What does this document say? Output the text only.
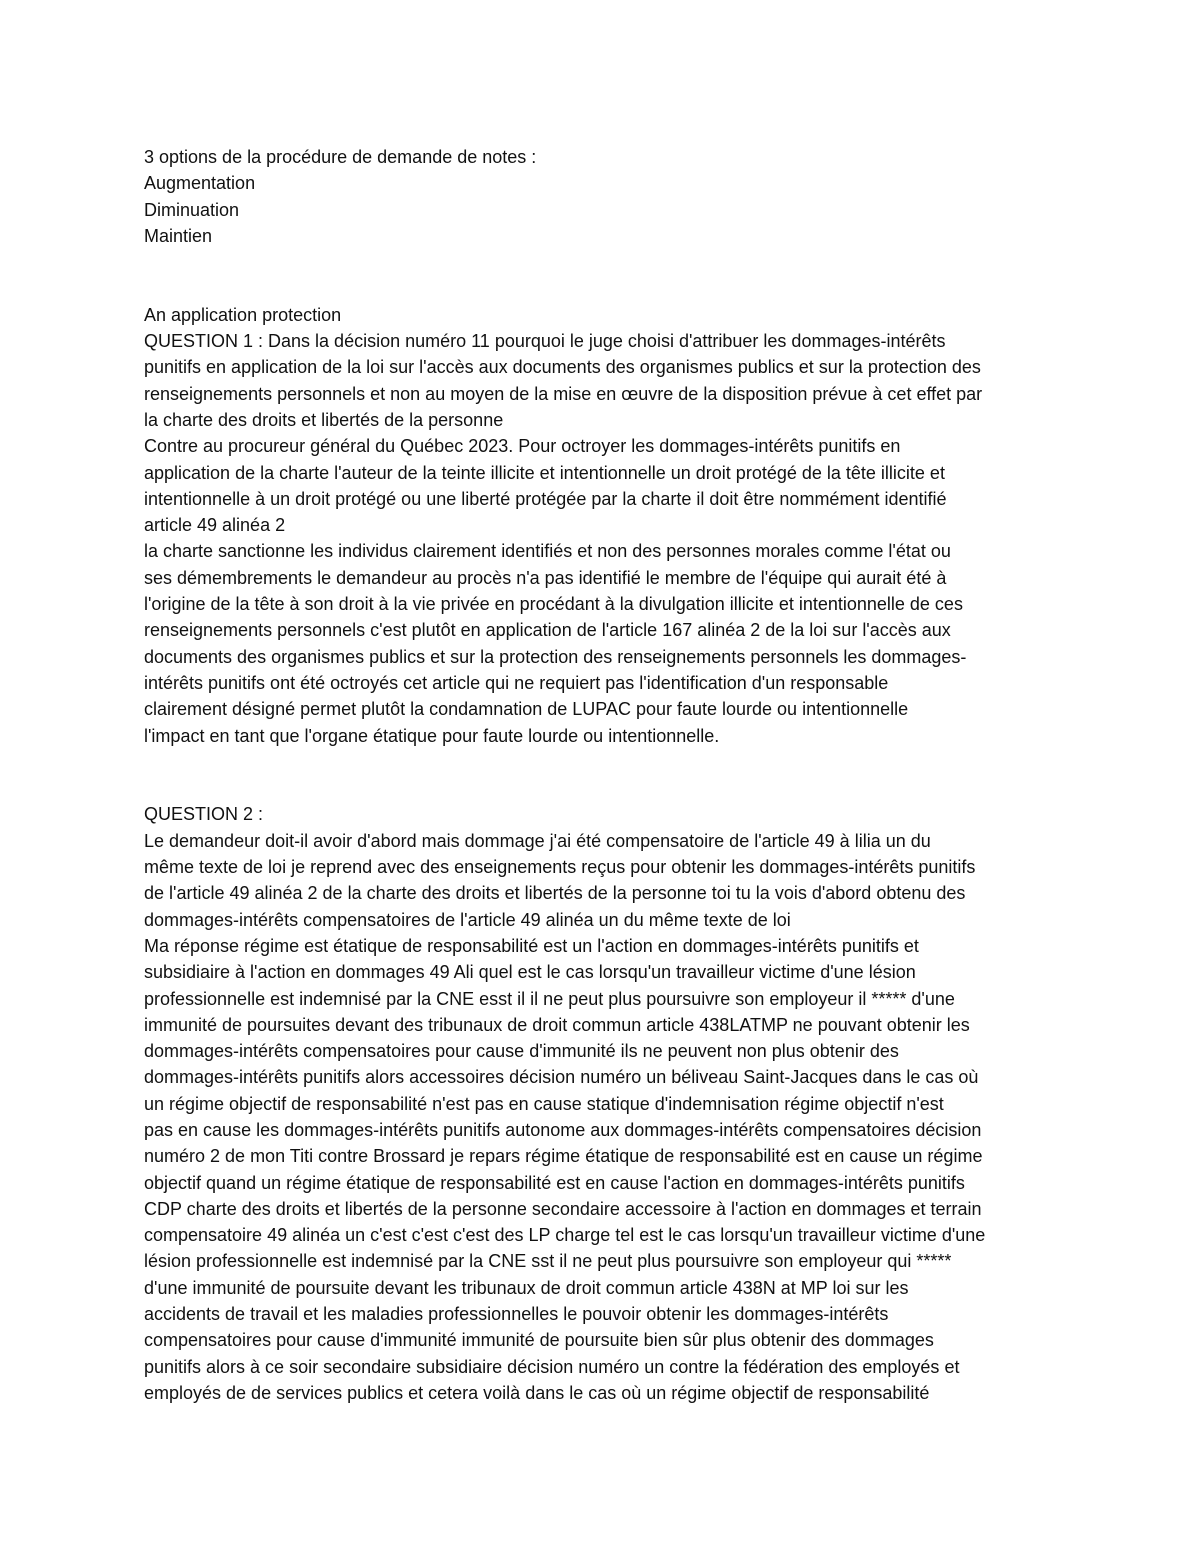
3 options de la procédure de demande de notes :
Augmentation
Diminuation
Maintien
An application protection
QUESTION 1 : Dans la décision numéro 11 pourquoi le juge choisi d'attribuer les dommages-intérêts
punitifs en application de la loi sur l'accès aux documents des organismes publics et sur la protection des
renseignements personnels et non au moyen de la mise en œuvre de la disposition prévue à cet effet par
la charte des droits et libertés de la personne
Contre au procureur général du Québec 2023. Pour octroyer les dommages-intérêts punitifs en
application de la charte l'auteur de la teinte illicite et intentionnelle un droit protégé de la tête illicite et
intentionnelle à un droit protégé ou une liberté protégée par la charte il doit être nommément identifié
article 49 alinéa 2
la charte sanctionne les individus clairement identifiés et non des personnes morales comme l'état ou
ses démembrements le demandeur au procès n'a pas identifié le membre de l'équipe qui aurait été à
l'origine de la tête à son droit à la vie privée en procédant à la divulgation illicite et intentionnelle de ces
renseignements personnels c'est plutôt en application de l'article 167 alinéa 2 de la loi sur l'accès aux
documents des organismes publics et sur la protection des renseignements personnels les dommages-
intérêts punitifs ont été octroyés cet article qui ne requiert pas l'identification d'un responsable
clairement désigné permet plutôt la condamnation de LUPAC pour faute lourde ou intentionnelle
l'impact en tant que l'organe étatique pour faute lourde ou intentionnelle.
QUESTION 2 :
Le demandeur doit-il avoir d'abord mais dommage j'ai été compensatoire de l'article 49 à lilia un du
même texte de loi je reprend avec des enseignements reçus pour obtenir les dommages-intérêts punitifs
de l'article 49 alinéa 2 de la charte des droits et libertés de la personne toi tu la vois d'abord obtenu des
dommages-intérêts compensatoires de l'article 49 alinéa un du même texte de loi
Ma réponse régime est étatique de responsabilité est un l'action en dommages-intérêts punitifs et
subsidiaire à l'action en dommages 49 Ali quel est le cas lorsqu'un travailleur victime d'une lésion
professionnelle est indemnisé par la CNE esst il il ne peut plus poursuivre son employeur il ***** d'une
immunité de poursuites devant des tribunaux de droit commun article 438LATMP ne pouvant obtenir les
dommages-intérêts compensatoires pour cause d'immunité ils ne peuvent non plus obtenir des
dommages-intérêts punitifs alors accessoires décision numéro un béliveau Saint-Jacques dans le cas où
un régime objectif de responsabilité n'est pas en cause statique d'indemnisation régime objectif n'est
pas en cause les dommages-intérêts punitifs autonome aux dommages-intérêts compensatoires décision
numéro 2 de mon Titi contre Brossard je repars régime étatique de responsabilité est en cause un régime
objectif quand un régime étatique de responsabilité est en cause l'action en dommages-intérêts punitifs
CDP charte des droits et libertés de la personne secondaire accessoire à l'action en dommages et terrain
compensatoire 49 alinéa un c'est c'est c'est des LP charge tel est le cas lorsqu'un travailleur victime d'une
lésion professionnelle est indemnisé par la CNE sst il ne peut plus poursuivre son employeur qui *****
d'une immunité de poursuite devant les tribunaux de droit commun article 438N at MP loi sur les
accidents de travail et les maladies professionnelles le pouvoir obtenir les dommages-intérêts
compensatoires pour cause d'immunité immunité de poursuite bien sûr plus obtenir des dommages
punitifs alors à ce soir secondaire subsidiaire décision numéro un contre la fédération des employés et
employés de de services publics et cetera voilà dans le cas où un régime objectif de responsabilité
